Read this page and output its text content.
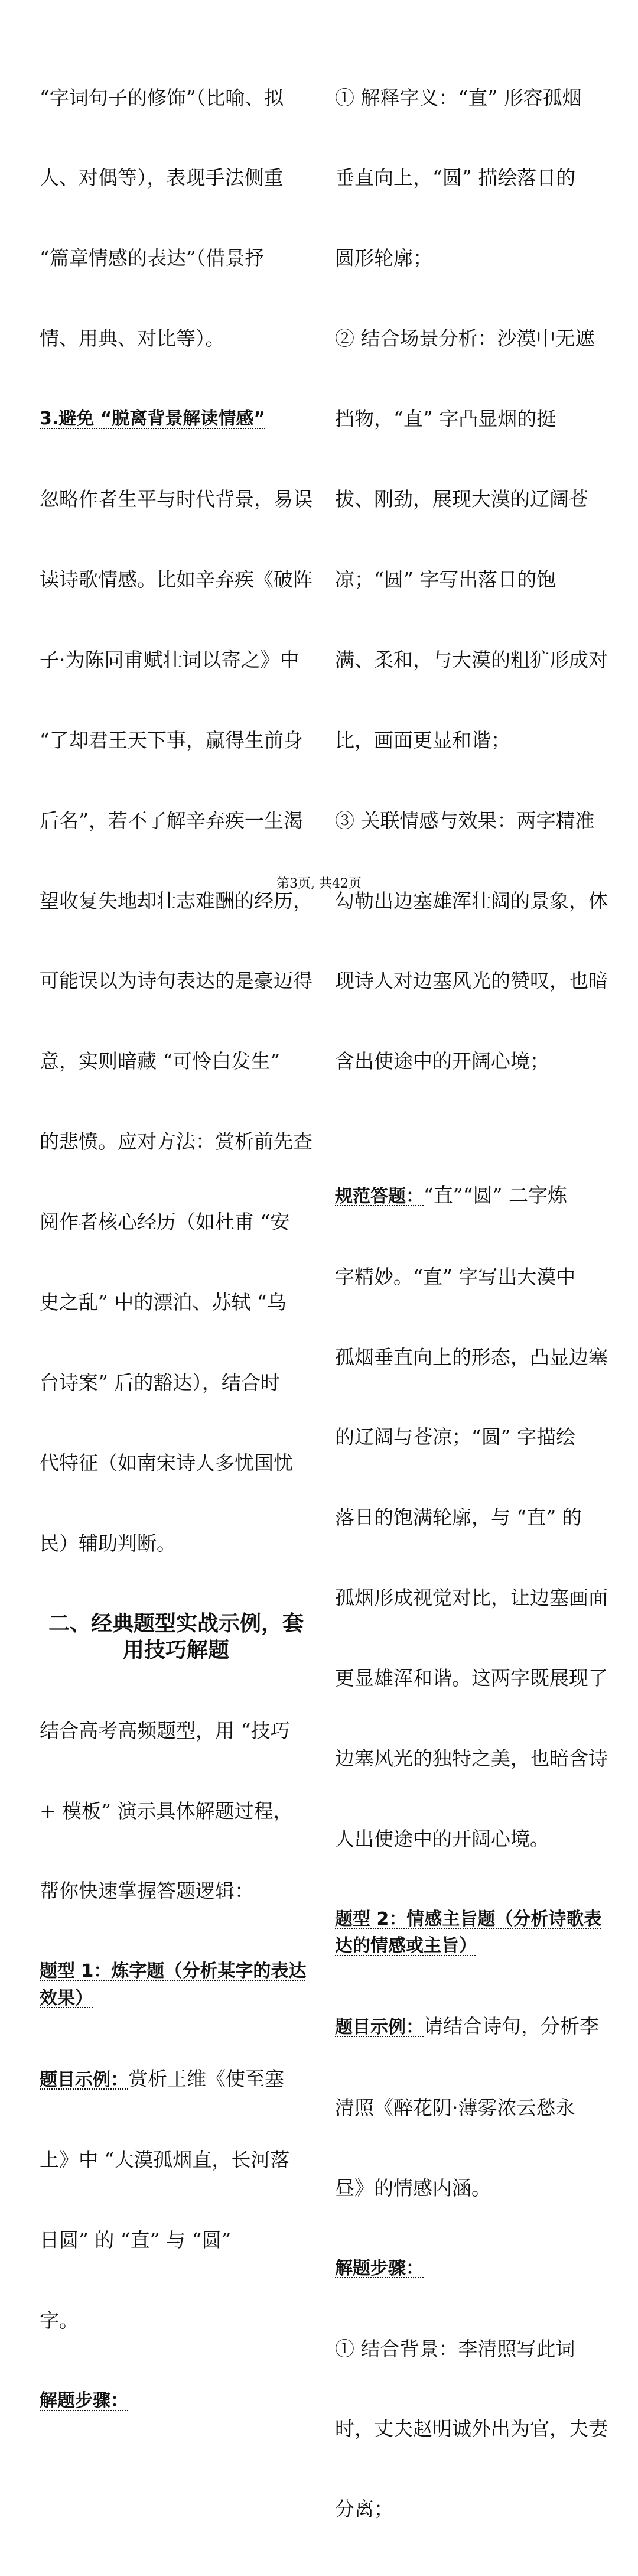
“字词句子的修饰”（比喻、拟

人、对偶等），表现手法侧重

“篇章情感的表达”（借景抒

情、用典、对比等）。

3.避免 “脱离背景解读情感”

忽略作者生平与时代背景，易误

读诗歌情感。比如辛弃疾《破阵

子·为陈同甫赋壮词以寄之》中

“了却君王天下事，赢得生前身

后名”，若不了解辛弃疾一生渴

望收复失地却壮志难酬的经历，

可能误以为诗句表达的是豪迈得

意，实则暗藏 “可怜白发生”

的悲愤。应对方法：赏析前先查

阅作者核心经历（如杜甫 “安

史之乱” 中的漂泊、苏轼 “乌

台诗案” 后的豁达），结合时

代特征（如南宋诗人多忧国忧

民）辅助判断。

二、经典题型实战示例，套
用技巧解题

结合高考高频题型，用 “技巧

+ 模板” 演示具体解题过程，

帮你快速掌握答题逻辑：

题型 1：炼字题（分析某字的表达
效果）

题目示例：赏析王维《使至塞

上》中 “大漠孤烟直，长河落

日圆” 的 “直” 与 “圆”

字。

解题步骤：

① 解释字义：“直” 形容孤烟

垂直向上，“圆” 描绘落日的

圆形轮廓；

② 结合场景分析：沙漠中无遮

挡物，“直” 字凸显烟的挺

拔、刚劲，展现大漠的辽阔苍

凉；“圆” 字写出落日的饱

满、柔和，与大漠的粗犷形成对

比，画面更显和谐；

③ 关联情感与效果：两字精准

勾勒出边塞雄浑壮阔的景象，体

现诗人对边塞风光的赞叹，也暗

含出使途中的开阔心境；

规范答题：“直”“圆” 二字炼

字精妙。“直” 字写出大漠中

孤烟垂直向上的形态，凸显边塞

的辽阔与苍凉；“圆” 字描绘

落日的饱满轮廓，与 “直” 的

孤烟形成视觉对比，让边塞画面

更显雄浑和谐。这两字既展现了

边塞风光的独特之美，也暗含诗

人出使途中的开阔心境。

题型 2：情感主旨题（分析诗歌表
达的情感或主旨）

题目示例：请结合诗句，分析李

清照《醉花阴·薄雾浓云愁永

昼》的情感内涵。

解题步骤：

① 结合背景：李清照写此词

时，丈夫赵明诚外出为官，夫妻

分离；

第3页, 共42页
